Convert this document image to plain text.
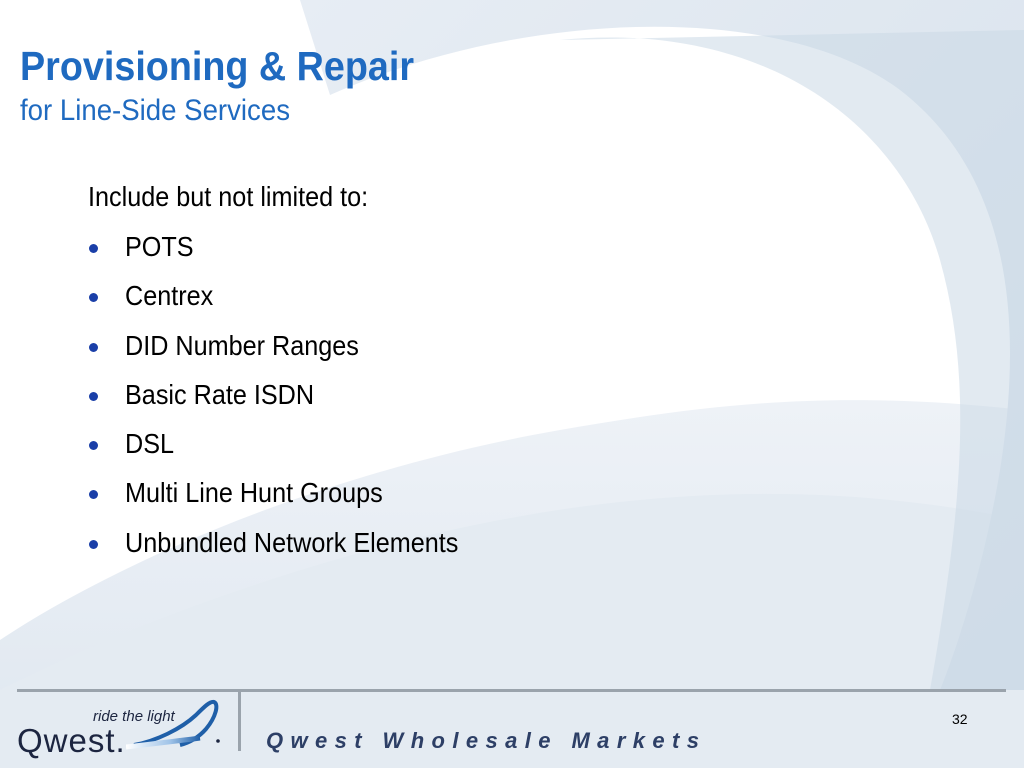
Provisioning & Repair
for Line-Side Services
Include but not limited to:
POTS
Centrex
DID Number Ranges
Basic Rate ISDN
DSL
Multi Line Hunt Groups
Unbundled Network Elements
ride the light
Qwest.	Qwest Wholesale Markets
32
